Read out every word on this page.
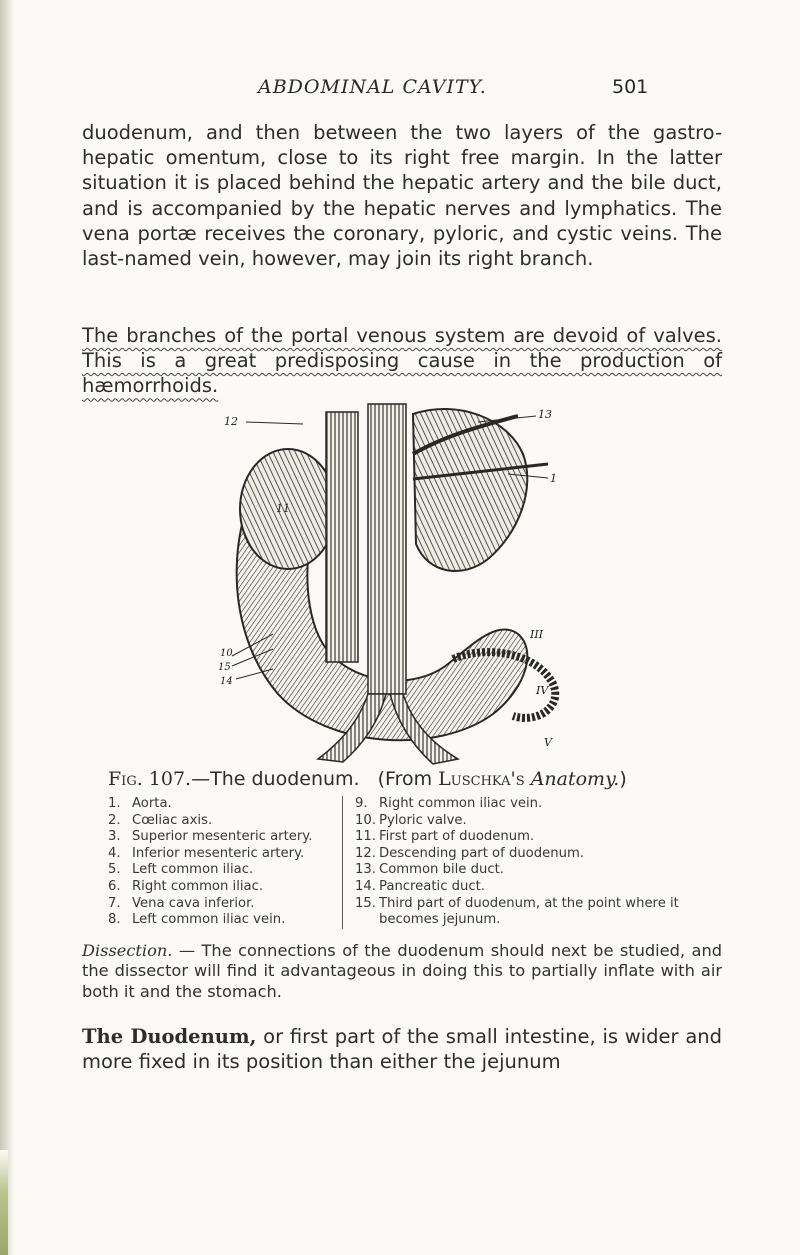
ABDOMINAL CAVITY.	501

duodenum, and then between the two layers of the gastro-hepatic omentum, close to its right free margin. In the latter situation it is placed behind the hepatic artery and the bile duct, and is accompanied by the hepatic nerves and lymphatics. The vena portæ receives the coronary, pyloric, and cystic veins. The last-named vein, however, may join its right branch.

The branches of the portal venous system are devoid of valves. This is a great predisposing cause in the production of hæmorrhoids.

12
13
1
11
10
15
14
III
IV
V
Fig. 107.—The duodenum. (From Luschka's Anatomy.)
1. Aorta.
2. Cœliac axis.
3. Superior mesenteric artery.
4. Inferior mesenteric artery.
5. Left common iliac.
6. Right common iliac.
7. Vena cava inferior.
8. Left common iliac vein.
9. Right common iliac vein.
10. Pyloric valve.
11. First part of duodenum.
12. Descending part of duodenum.
13. Common bile duct.
14. Pancreatic duct.
15. Third part of duodenum, at the point where it becomes jejunum.

Dissection. — The connections of the duodenum should next be studied, and the dissector will find it advantageous in doing this to partially inflate with air both it and the stomach.

The Duodenum, or first part of the small intestine, is wider and more fixed in its position than either the jejunum
